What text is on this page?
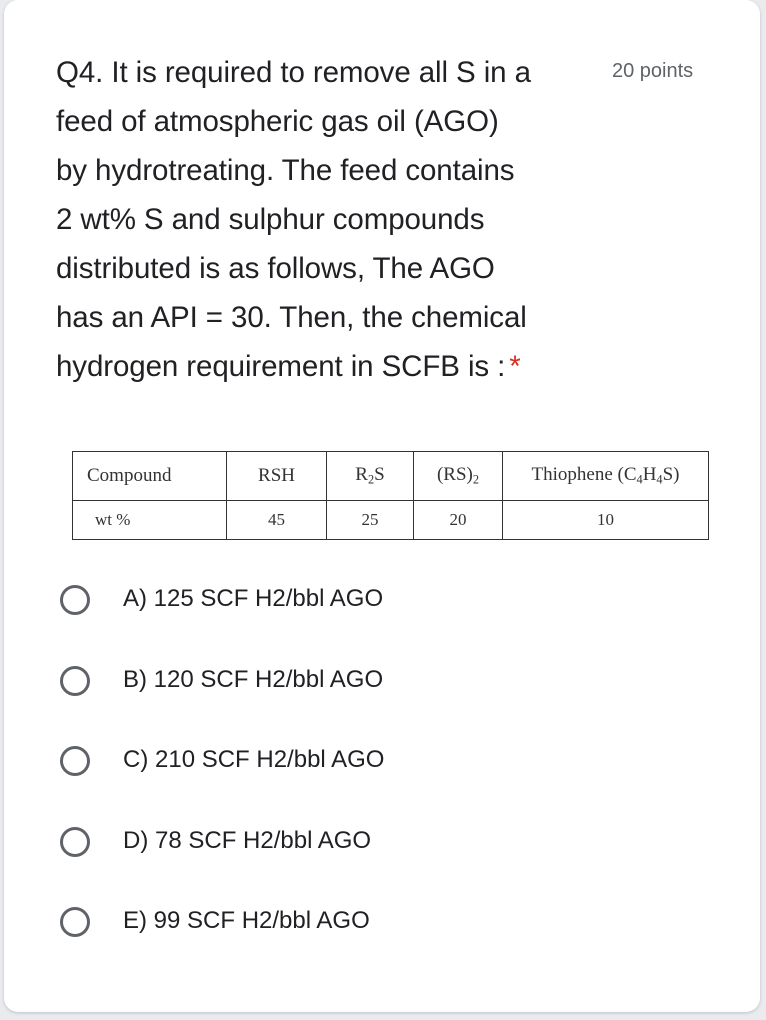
Q4. It is required to remove all S in a
feed of atmospheric gas oil (AGO)
by hydrotreating. The feed contains
2 wt% S and sulphur compounds
distributed is as follows, The AGO
has an API = 30. Then, the chemical
hydrogen requirement in SCFB is : *
20 points
Compound	RSH	$R_2S$	$(RS)_2$	Thiophene $(C_4H_4S)$
wt %	45	25	20	10
A) 125 SCF H2/bbl AGO
B) 120 SCF H2/bbl AGO
C) 210 SCF H2/bbl AGO
D) 78 SCF H2/bbl AGO
E) 99 SCF H2/bbl AGO
